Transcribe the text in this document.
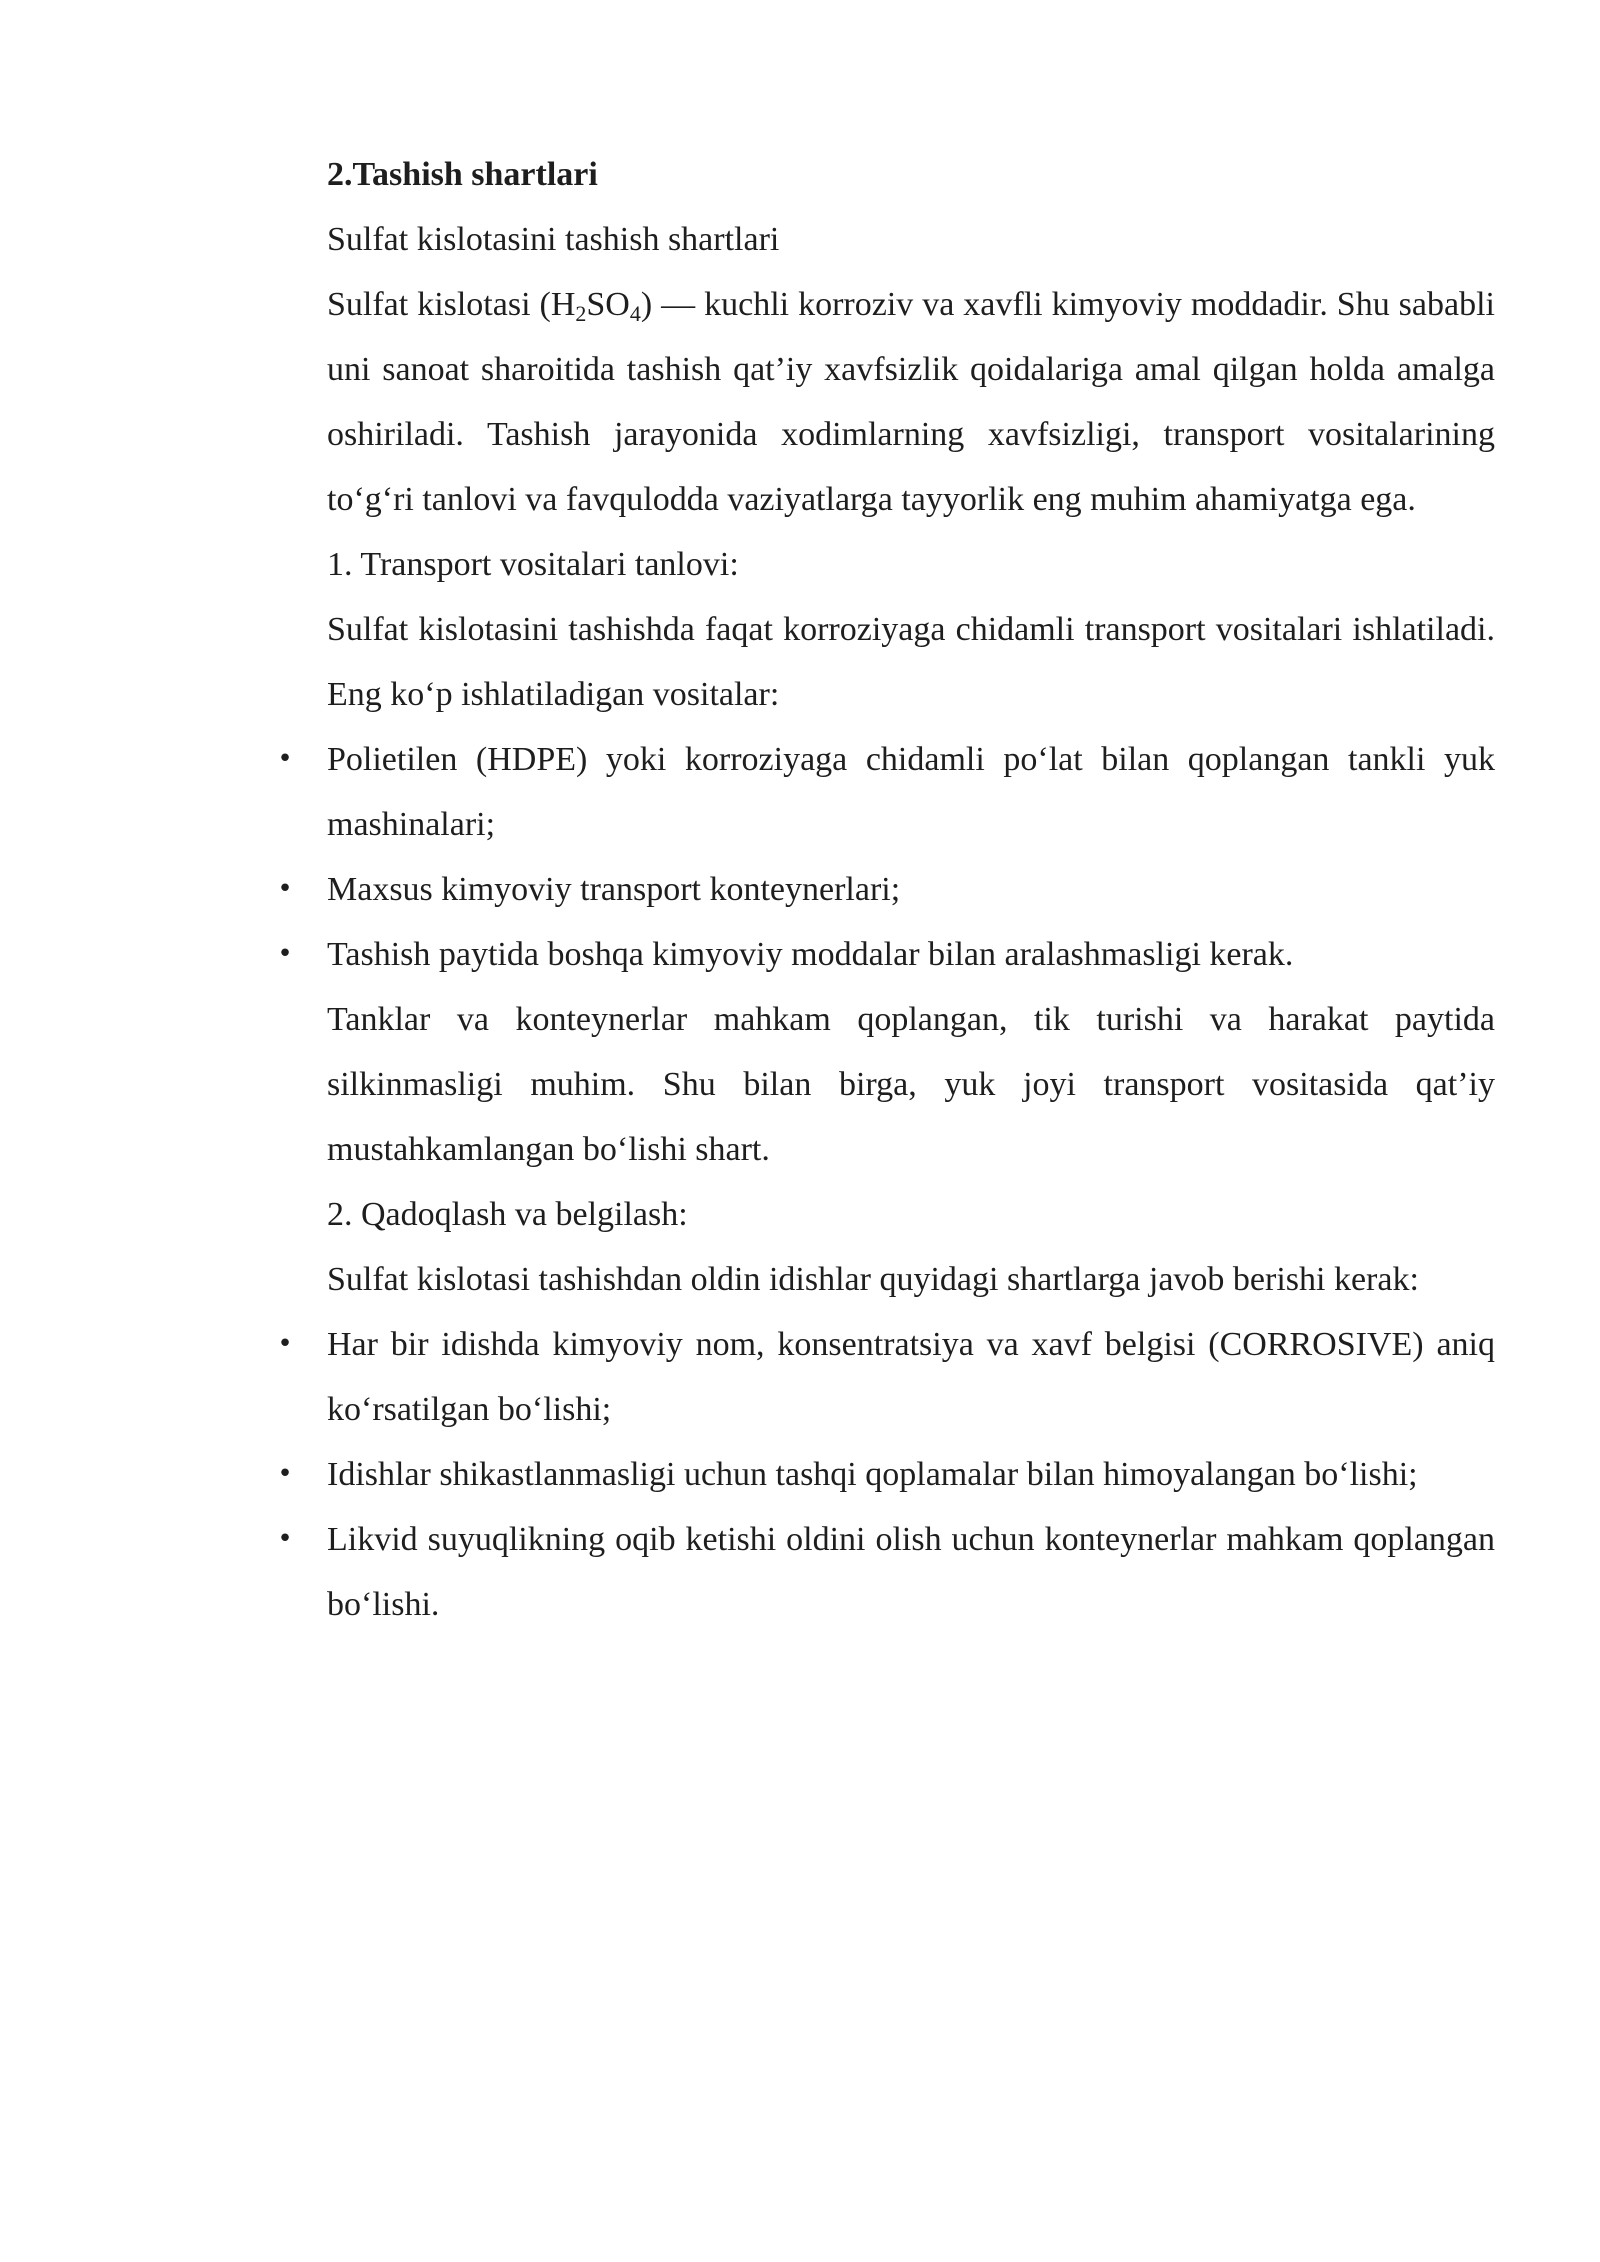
2.Tashish shartlari

Sulfat kislotasini tashish shartlari

Sulfat kislotasi $(H_2SO_4)$ — kuchli korroziv va xavfli kimyoviy moddadir. Shu sababli uni sanoat sharoitida tashish qat’iy xavfsizlik qoidalariga amal qilgan holda amalga oshiriladi. Tashish jarayonida xodimlarning xavfsizligi, transport vositalarining to‘g‘ri tanlovi va favqulodda vaziyatlarga tayyorlik eng muhim ahamiyatga ega.

1. Transport vositalari tanlovi:

Sulfat kislotasini tashishda faqat korroziyaga chidamli transport vositalari ishlatiladi. Eng ko‘p ishlatiladigan vositalar:

• Polietilen (HDPE) yoki korroziyaga chidamli po‘lat bilan qoplangan tankli yuk mashinalari;
• Maxsus kimyoviy transport konteynerlari;
• Tashish paytida boshqa kimyoviy moddalar bilan aralashmasligi kerak.

Tanklar va konteynerlar mahkam qoplangan, tik turishi va harakat paytida silkinmasligi muhim. Shu bilan birga, yuk joyi transport vositasida qat’iy mustahkamlangan bo‘lishi shart.

2. Qadoqlash va belgilash:

Sulfat kislotasi tashishdan oldin idishlar quyidagi shartlarga javob berishi kerak:

• Har bir idishda kimyoviy nom, konsentratsiya va xavf belgisi (CORROSIVE) aniq ko‘rsatilgan bo‘lishi;
• Idishlar shikastlanmasligi uchun tashqi qoplamalar bilan himoyalangan bo‘lishi;
• Likvid suyuqlikning oqib ketishi oldini olish uchun konteynerlar mahkam qoplangan bo‘lishi.
